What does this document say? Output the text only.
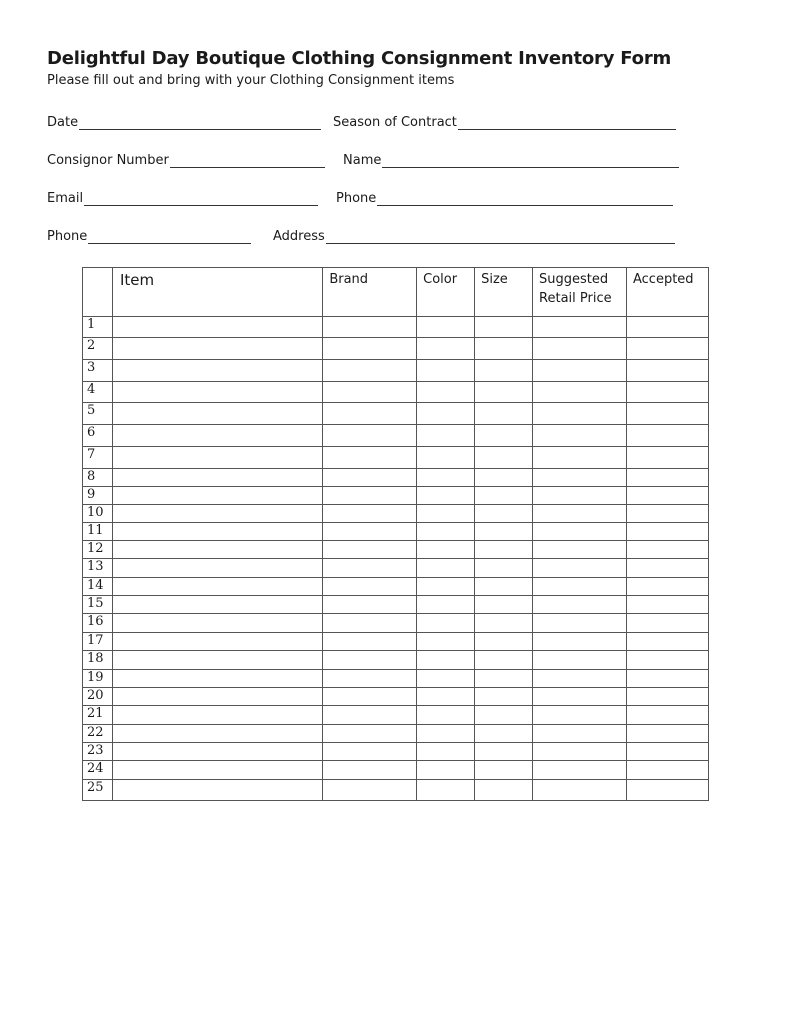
Delightful Day Boutique Clothing Consignment Inventory Form
Please fill out and bring with your Clothing Consignment items
Date	Season of Contract
Consignor Number	Name
Email	Phone
Phone	Address
	Item	Brand	Color	Size	Suggested Retail Price	Accepted
1						
2						
3						
4						
5						
6						
7						
8						
9						
10						
11						
12						
13						
14						
15						
16						
17						
18						
19						
20						
21						
22						
23						
24						
25						
